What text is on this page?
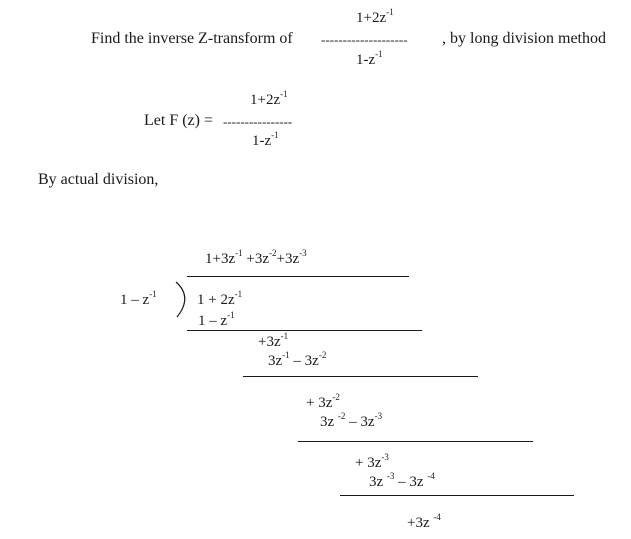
$1+2z^{-1}$
Find the inverse Z-transform of -------------------- , by long division method
$1-z^{-1}$
$1+2z^{-1}$
Let F (z) = ----------------
$1-z^{-1}$
By actual division,
$1+3z^{-1} +3z^{-2}+3z^{-3}$
$1 - z^{-1}$	$1 + 2z^{-1}$
$1 - z^{-1}$
$+3z^{-1}$
$3z^{-1} - 3z^{-2}$
+ $3z^{-2}$
3z $^{-2} - 3z^{-3}$
+ $3z^{-3}$
3z $^{-3}$ – 3z $^{-4}$
+3z $^{-4}$
